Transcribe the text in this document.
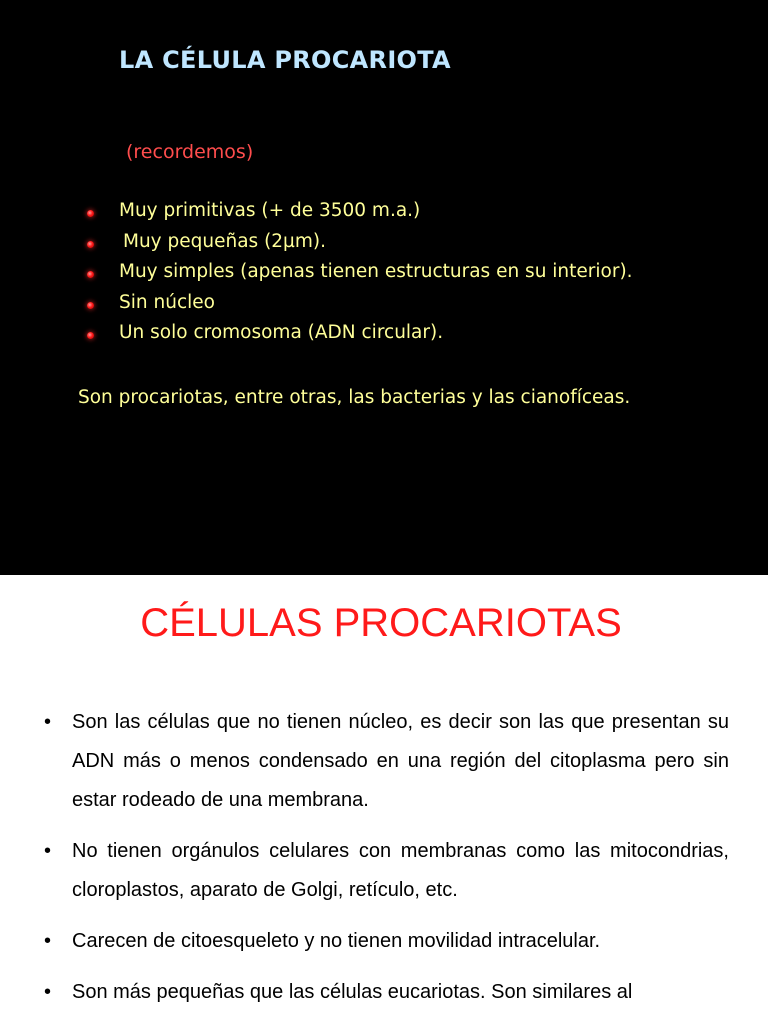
LA CÉLULA PROCARIOTA
(recordemos)
Muy primitivas (+ de 3500 m.a.)
Muy pequeñas (2µm).
Muy simples (apenas tienen estructuras en su interior).
Sin núcleo
Un solo cromosoma (ADN circular).
Son procariotas, entre otras, las bacterias y las cianofíceas.
CÉLULAS PROCARIOTAS
• Son las células que no tienen núcleo, es decir son las que presentan su ADN más o menos condensado en una región del citoplasma pero sin estar rodeado de una membrana.
• No tienen orgánulos celulares con membranas como las mitocondrias, cloroplastos, aparato de Golgi, retículo, etc.
• Carecen de citoesqueleto y no tienen movilidad intracelular.
• Son más pequeñas que las células eucariotas. Son similares al
